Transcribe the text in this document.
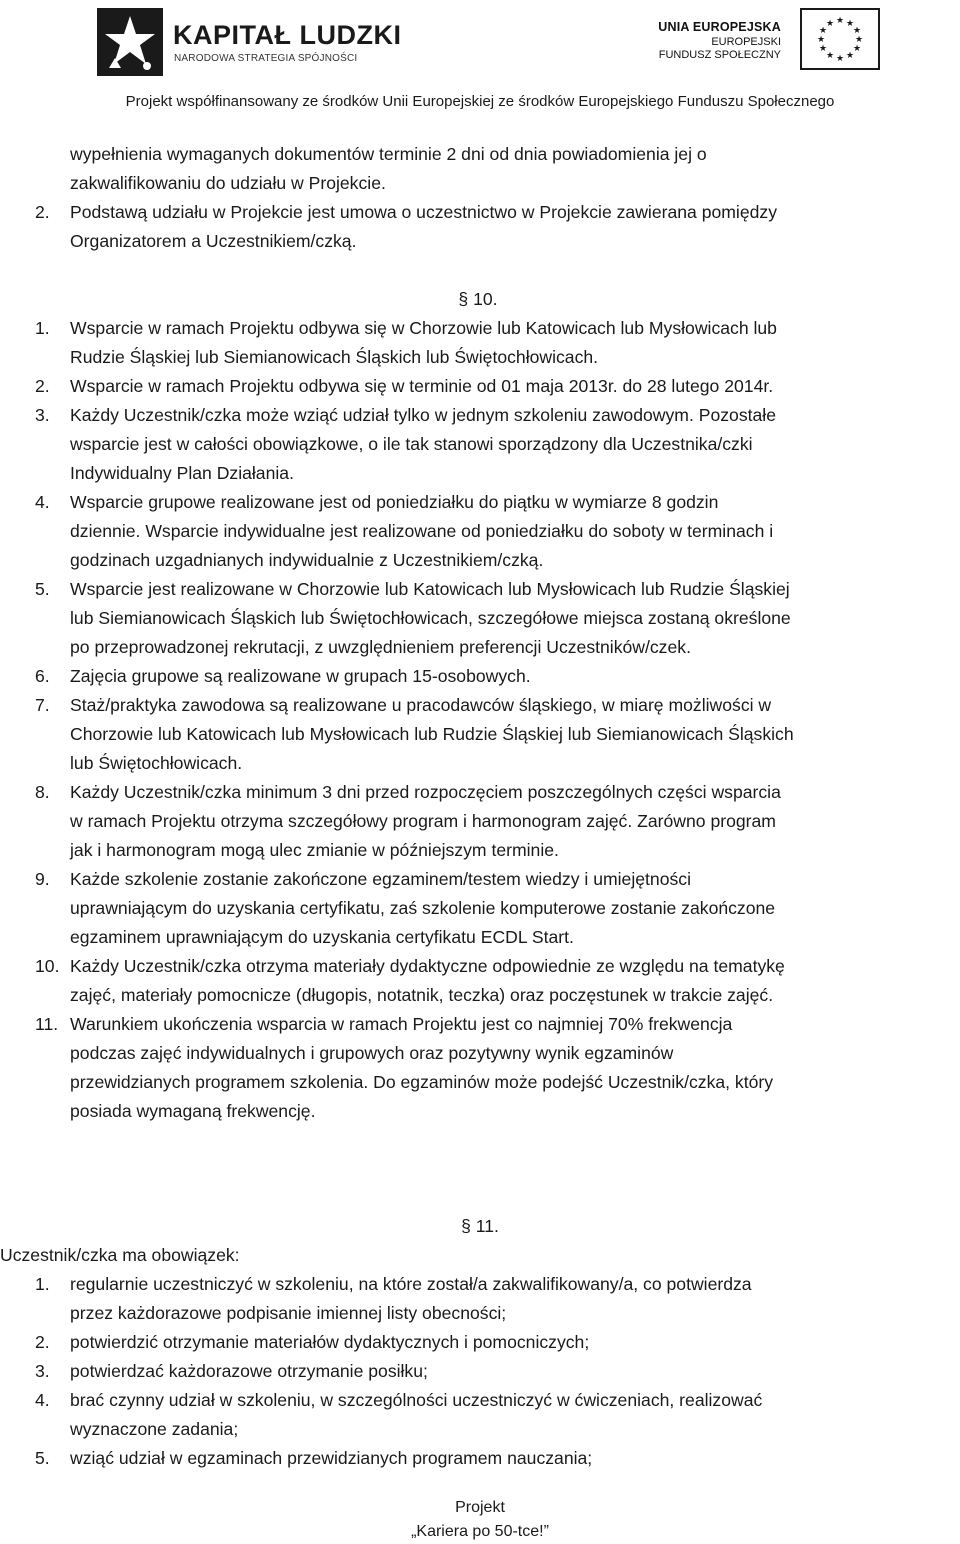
KAPITAŁ LUDZKI
NARODOWA STRATEGIA SPÓJNOŚCI
UNIA EUROPEJSKA
EUROPEJSKI
FUNDUSZ SPOŁECZNY
★ ★
★
★
★
★
★
★
★
★
★
★
Projekt współfinansowany ze środków Unii Europejskiej ze środków Europejskiego Funduszu Społecznego
wypełnienia wymaganych dokumentów terminie 2 dni od dnia powiadomienia jej o
zakwalifikowaniu do udziału w Projekcie.
2. Podstawą udziału w Projekcie jest umowa o uczestnictwo w Projekcie zawierana pomiędzy
Organizatorem a Uczestnikiem/czką.
§ 10.
1. Wsparcie w ramach Projektu odbywa się w Chorzowie lub Katowicach lub Mysłowicach lub
Rudzie Śląskiej lub Siemianowicach Śląskich lub Świętochłowicach.
2. Wsparcie w ramach Projektu odbywa się w terminie od 01 maja 2013r. do 28 lutego 2014r.
3. Każdy Uczestnik/czka może wziąć udział tylko w jednym szkoleniu zawodowym. Pozostałe
wsparcie jest w całości obowiązkowe, o ile tak stanowi sporządzony dla Uczestnika/czki
Indywidualny Plan Działania.
4. Wsparcie grupowe realizowane jest od poniedziałku do piątku w wymiarze 8 godzin
dziennie. Wsparcie indywidualne jest realizowane od poniedziałku do soboty w terminach i
godzinach uzgadnianych indywidualnie z Uczestnikiem/czką.
5. Wsparcie jest realizowane w Chorzowie lub Katowicach lub Mysłowicach lub Rudzie Śląskiej
lub Siemianowicach Śląskich lub Świętochłowicach, szczegółowe miejsca zostaną określone
po przeprowadzonej rekrutacji, z uwzględnieniem preferencji Uczestników/czek.
6. Zajęcia grupowe są realizowane w grupach 15-osobowych.
7. Staż/praktyka zawodowa są realizowane u pracodawców śląskiego, w miarę możliwości w
Chorzowie lub Katowicach lub Mysłowicach lub Rudzie Śląskiej lub Siemianowicach Śląskich
lub Świętochłowicach.
8. Każdy Uczestnik/czka minimum 3 dni przed rozpoczęciem poszczególnych części wsparcia
w ramach Projektu otrzyma szczegółowy program i harmonogram zajęć. Zarówno program
jak i harmonogram mogą ulec zmianie w późniejszym terminie.
9. Każde szkolenie zostanie zakończone egzaminem/testem wiedzy i umiejętności
uprawniającym do uzyskania certyfikatu, zaś szkolenie komputerowe zostanie zakończone
egzaminem uprawniającym do uzyskania certyfikatu ECDL Start.
10. Każdy Uczestnik/czka otrzyma materiały dydaktyczne odpowiednie ze względu na tematykę
zajęć, materiały pomocnicze (długopis, notatnik, teczka) oraz poczęstunek w trakcie zajęć.
11. Warunkiem ukończenia wsparcia w ramach Projektu jest co najmniej 70% frekwencja
podczas zajęć indywidualnych i grupowych oraz pozytywny wynik egzaminów
przewidzianych programem szkolenia. Do egzaminów może podejść Uczestnik/czka, który
posiada wymaganą frekwencję.
§ 11.
Uczestnik/czka ma obowiązek:
1. regularnie uczestniczyć w szkoleniu, na które został/a zakwalifikowany/a, co potwierdza
przez każdorazowe podpisanie imiennej listy obecności;
2. potwierdzić otrzymanie materiałów dydaktycznych i pomocniczych;
3. potwierdzać każdorazowe otrzymanie posiłku;
4. brać czynny udział w szkoleniu, w szczególności uczestniczyć w ćwiczeniach, realizować
wyznaczone zadania;
5. wziąć udział w egzaminach przewidzianych programem nauczania;
Projekt
„Kariera po 50-tce!”
